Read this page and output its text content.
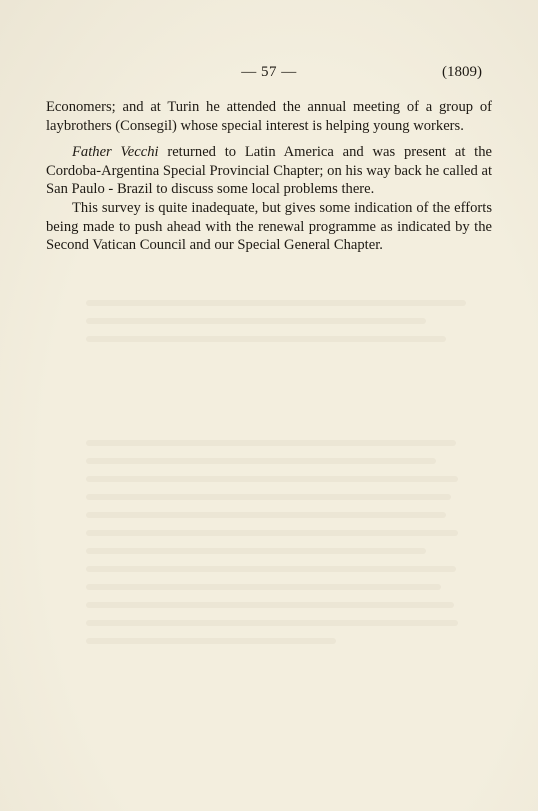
— 57 —	(1809)

Economers; and at Turin he attended the annual meeting of a group of laybrothers (Consegil) whose special interest is helping young workers.

Father Vecchi returned to Latin America and was present at the Cordoba-Argentina Special Provincial Chapter; on his way back he called at San Paulo - Brazil to discuss some local problems there.

This survey is quite inadequate, but gives some indication of the efforts being made to push ahead with the renewal programme as indicated by the Second Vatican Council and our Special General Chapter.
